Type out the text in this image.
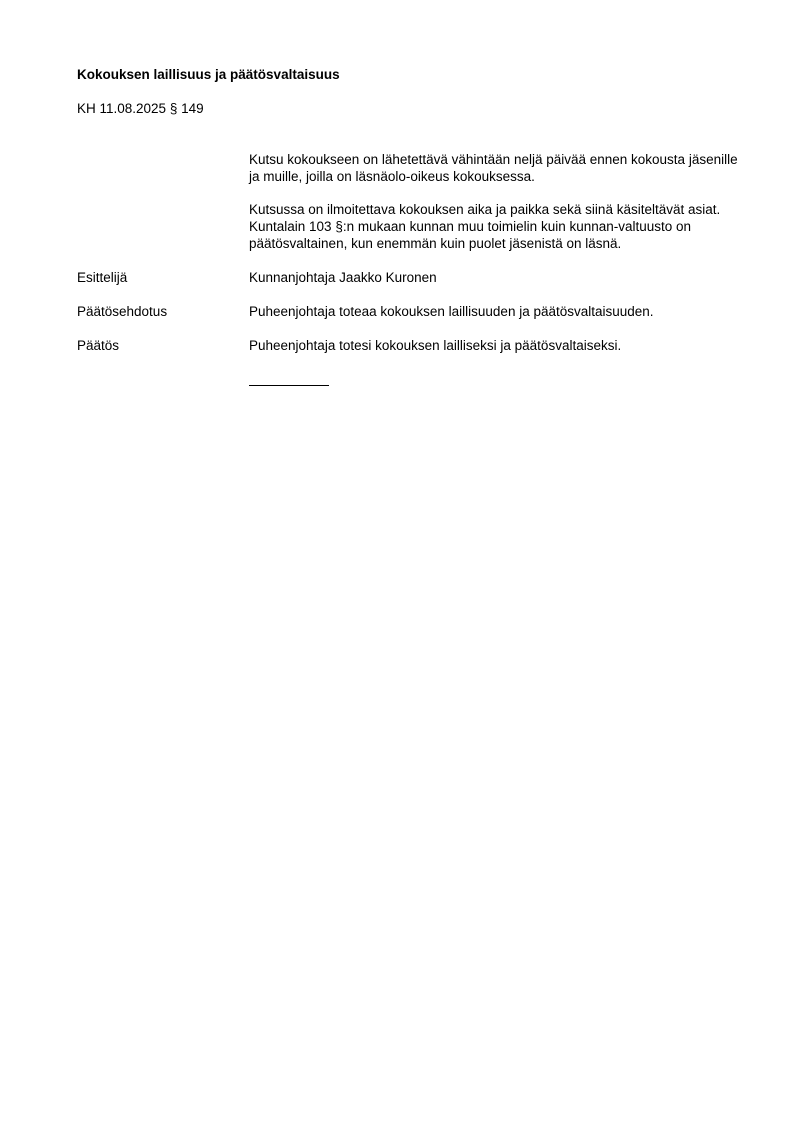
Kokouksen laillisuus ja päätösvaltaisuus

KH 11.08.2025 § 149

Kutsu kokoukseen on lähetettävä vähintään neljä päivää ennen kokousta jäsenille ja muille, joilla on läsnäolo-oikeus kokouksessa.

Kutsussa on ilmoitettava kokouksen aika ja paikka sekä siinä käsiteltävät asiat. Kuntalain 103 §:n mukaan kunnan muu toimielin kuin kunnan-valtuusto on päätösvaltainen, kun enemmän kuin puolet jäsenistä on läsnä.

Esittelijä	Kunnanjohtaja Jaakko Kuronen

Päätösehdotus	Puheenjohtaja toteaa kokouksen laillisuuden ja päätösvaltaisuuden.

Päätös	Puheenjohtaja totesi kokouksen lailliseksi ja päätösvaltaiseksi.
